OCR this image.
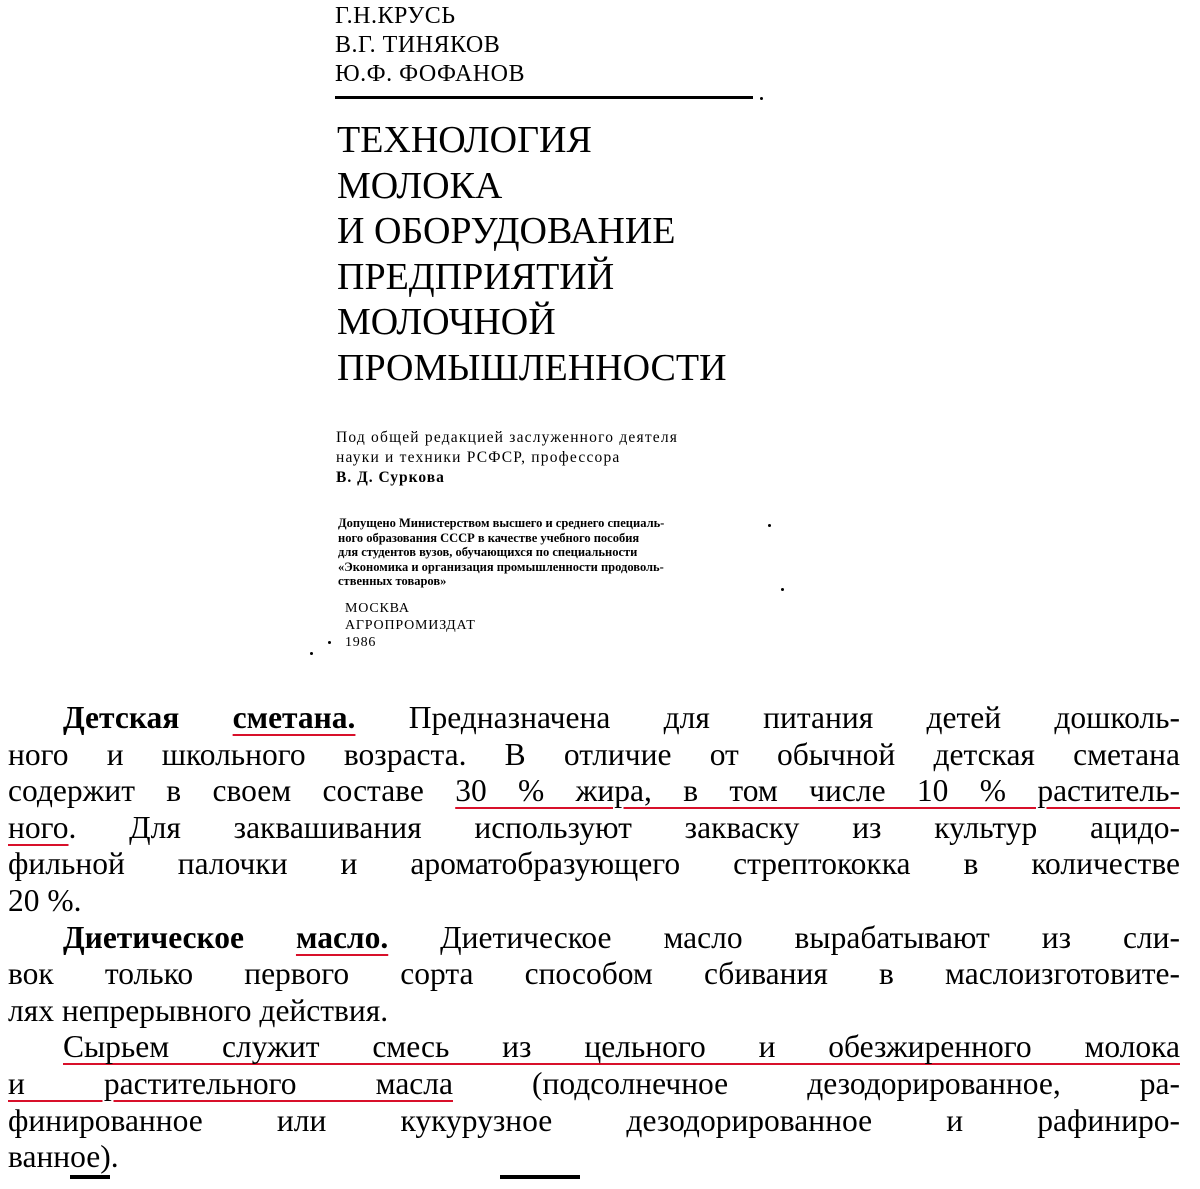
Г.Н.КРУСЬ
В.Г. ТИНЯКОВ
Ю.Ф. ФОФАНОВ
ТЕХНОЛОГИЯ
МОЛОКА
И ОБОРУДОВАНИЕ
ПРЕДПРИЯТИЙ
МОЛОЧНОЙ
ПРОМЫШЛЕННОСТИ
Под общей редакцией заслуженного деятеля
науки и техники РСФСР, профессора
В. Д. Суркова
Допущено Министерством высшего и среднего специаль-
ного образования СССР в качестве учебного пособия
для студентов вузов, обучающихся по специальности
«Экономика и организация промышленности продоволь-
ственных товаров»
МОСКВА
АГРОПРОМИЗДАТ
1986
Детская сметана. Предназначена для питания детей дошколь-
ного и школьного возраста. В отличие от обычной детская сметана
содержит в своем составе 30 % жира, в том числе 10 % раститель-
ного. Для заквашивания используют закваску из культур ацидо-
фильной палочки и ароматобразующего стрептококка в количестве
20 %.
Диетическое масло. Диетическое масло вырабатывают из сли-
вок только первого сорта способом сбивания в маслоизготовите-
лях непрерывного действия.
Сырьем служит смесь из цельного и обезжиренного молока
и растительного масла	(подсолнечное дезодорированное, ра-
финированное или кукурузное дезодорированное и рафиниро-
ванное).
